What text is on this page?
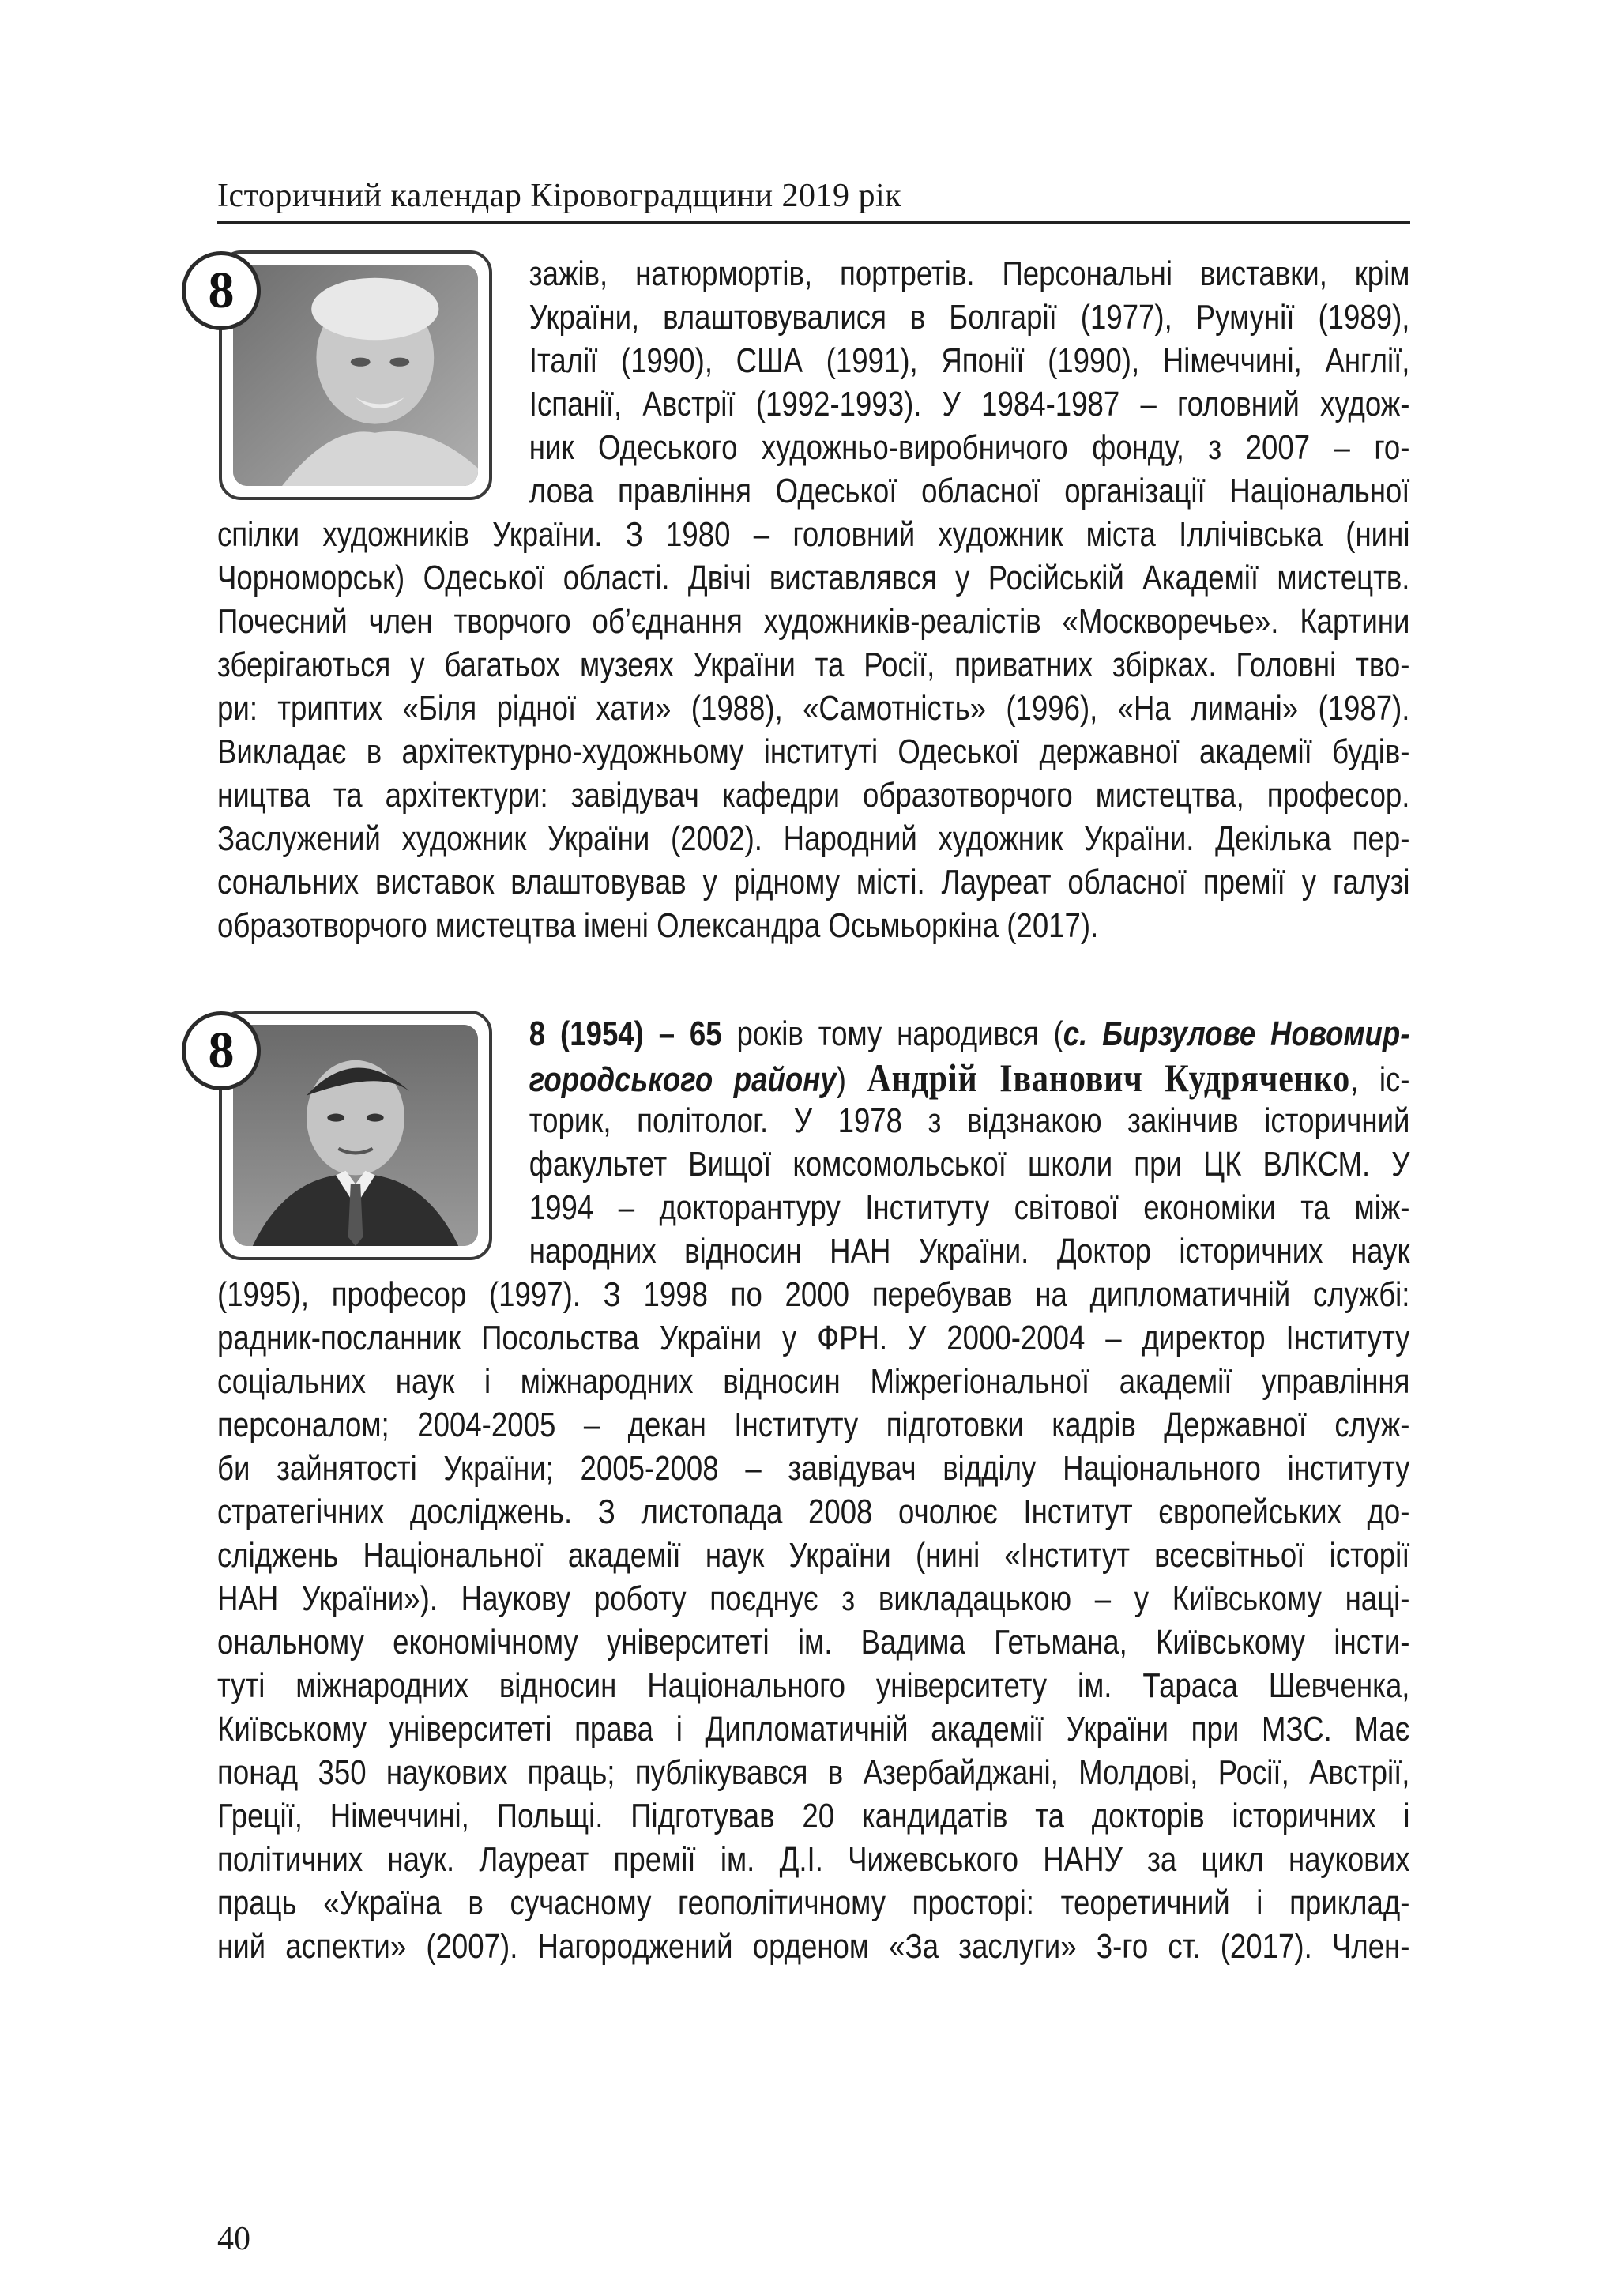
Історичний календар Кіровоградщини 2019 рік
8	зажів, натюрмортів, портретів. Персональні виставки, крім
України, влаштовувалися в Болгарії (1977), Румунії (1989),
Італії (1990), США (1991), Японії (1990), Німеччині, Англії,
Іспанії, Австрії (1992-1993). У 1984-1987 – головний худож-
ник Одеського художньо-виробничого фонду, з 2007 – го-
лова правління Одеської обласної організації Національної
спілки художників України. З 1980 – головний художник міста Іллічівська (нині
Чорноморськ) Одеської області. Двічі виставлявся у Російській Академії мистецтв.
Почесний член творчого об’єднання художників-реалістів «Москворечье». Картини
зберігаються у багатьох музеях України та Росії, приватних збірках. Головні тво-
ри: триптих «Біля рідної хати» (1988), «Самотність» (1996), «На лимані» (1987).
Викладає в архітектурно-художньому інституті Одеської державної академії будів-
ництва та архітектури: завідувач кафедри образотворчого мистецтва, професор.
Заслужений художник України (2002). Народний художник України. Декілька пер-
сональних виставок влаштовував у рідному місті. Лауреат обласної премії у галузі
образотворчого мистецтва імені Олександра Осьмьоркіна (2017).
8	8 (1954) – 65 років тому народився (с. Бирзулове Новомир-
городського району) Андрій Іванович Кудряченко, іс-
торик, політолог. У 1978 з відзнакою закінчив історичний
факультет Вищої комсомольської школи при ЦК ВЛКСМ. У
1994 – докторантуру Інституту світової економіки та між-
народних відносин НАН України. Доктор історичних наук
(1995), професор (1997). З 1998 по 2000 перебував на дипломатичній службі:
радник-посланник Посольства України у ФРН. У 2000-2004 – директор Інституту
соціальних наук і міжнародних відносин Міжрегіональної академії управління
персоналом; 2004-2005 – декан Інституту підготовки кадрів Державної служ-
би зайнятості України; 2005-2008 – завідувач відділу Національного інституту
стратегічних досліджень. З листопада 2008 очолює Інститут європейських до-
сліджень Національної академії наук України (нині «Інститут всесвітньої історії
НАН України»). Наукову роботу поєднує з викладацькою – у Київському наці-
ональному економічному університеті ім. Вадима Гетьмана, Київському інсти-
туті міжнародних відносин Національного університету ім. Тараса Шевченка,
Київському університеті права і Дипломатичній академії України при МЗС. Має
понад 350 наукових праць; публікувався в Азербайджані, Молдові, Росії, Австрії,
Греції, Німеччині, Польщі. Підготував 20 кандидатів та докторів історичних і
політичних наук. Лауреат премії ім. Д.І. Чижевського НАНУ за цикл наукових
праць «Україна в сучасному геополітичному просторі: теоретичний і приклад-
ний аспекти» (2007). Нагороджений орденом «За заслуги» 3-го ст. (2017). Член-
40
